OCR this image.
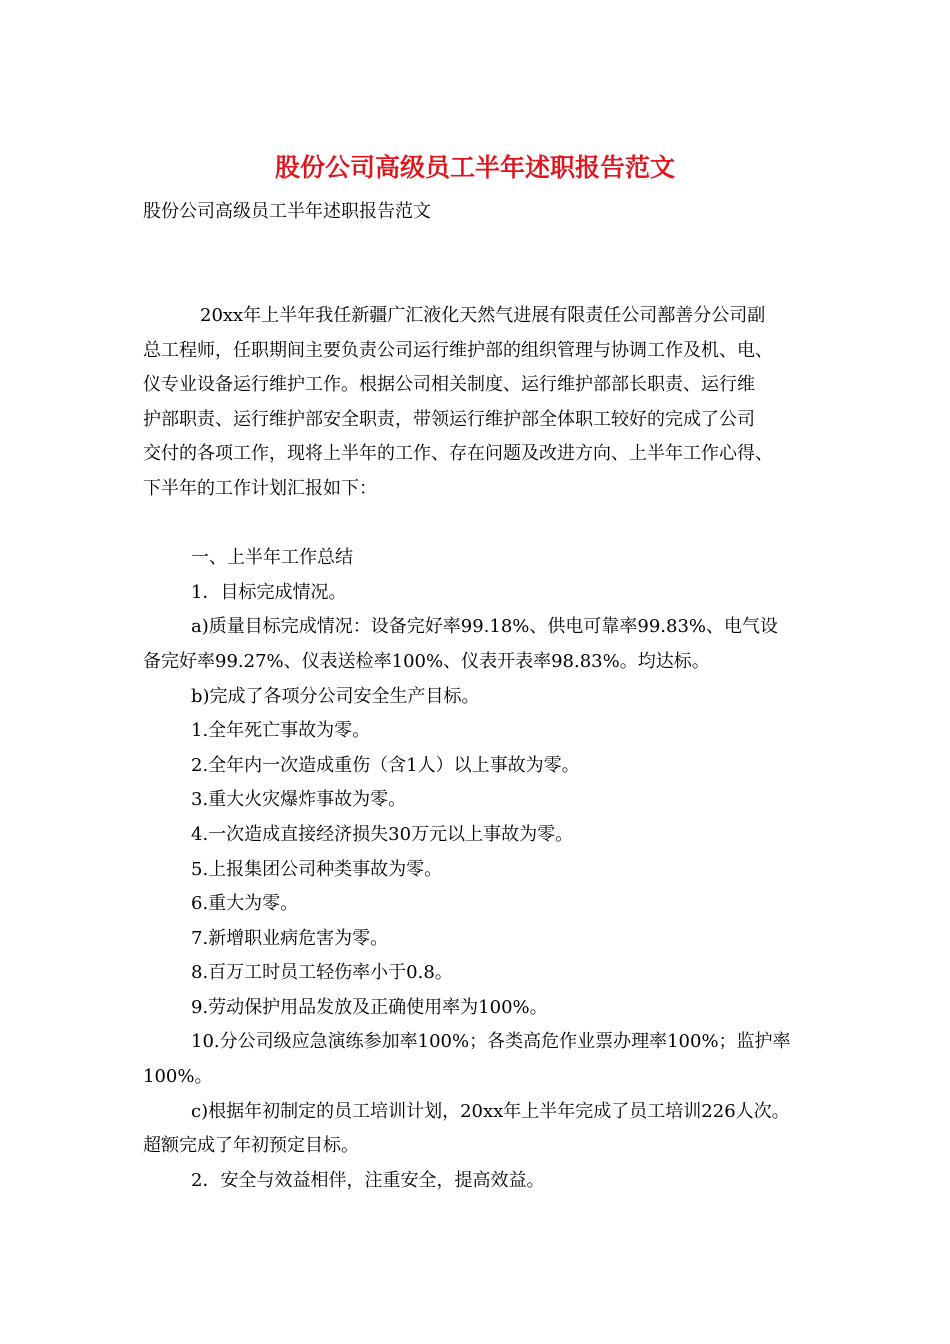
股份公司高级员工半年述职报告范文
股份公司高级员工半年述职报告范文
20xx年上半年我任新疆广汇液化天然气进展有限责任公司鄯善分公司副
总工程师，任职期间主要负责公司运行维护部的组织管理与协调工作及机、电、
仪专业设备运行维护工作。根据公司相关制度、运行维护部部长职责、运行维
护部职责、运行维护部安全职责，带领运行维护部全体职工较好的完成了公司
交付的各项工作，现将上半年的工作、存在问题及改进方向、上半年工作心得、
下半年的工作计划汇报如下：
一、上半年工作总结
1．目标完成情况。
a)质量目标完成情况：设备完好率99.18%、供电可靠率99.83%、电气设
备完好率99.27%、仪表送检率100%、仪表开表率98.83%。均达标。
b)完成了各项分公司安全生产目标。
1.全年死亡事故为零。
2.全年内一次造成重伤（含1人）以上事故为零。
3.重大火灾爆炸事故为零。
4.一次造成直接经济损失30万元以上事故为零。
5.上报集团公司种类事故为零。
6.重大为零。
7.新增职业病危害为零。
8.百万工时员工轻伤率小于0.8。
9.劳动保护用品发放及正确使用率为100%。
10.分公司级应急演练参加率100%；各类高危作业票办理率100%；监护率
100%。
c)根据年初制定的员工培训计划，20xx年上半年完成了员工培训226人次。
超额完成了年初预定目标。
2．安全与效益相伴，注重安全，提高效益。
